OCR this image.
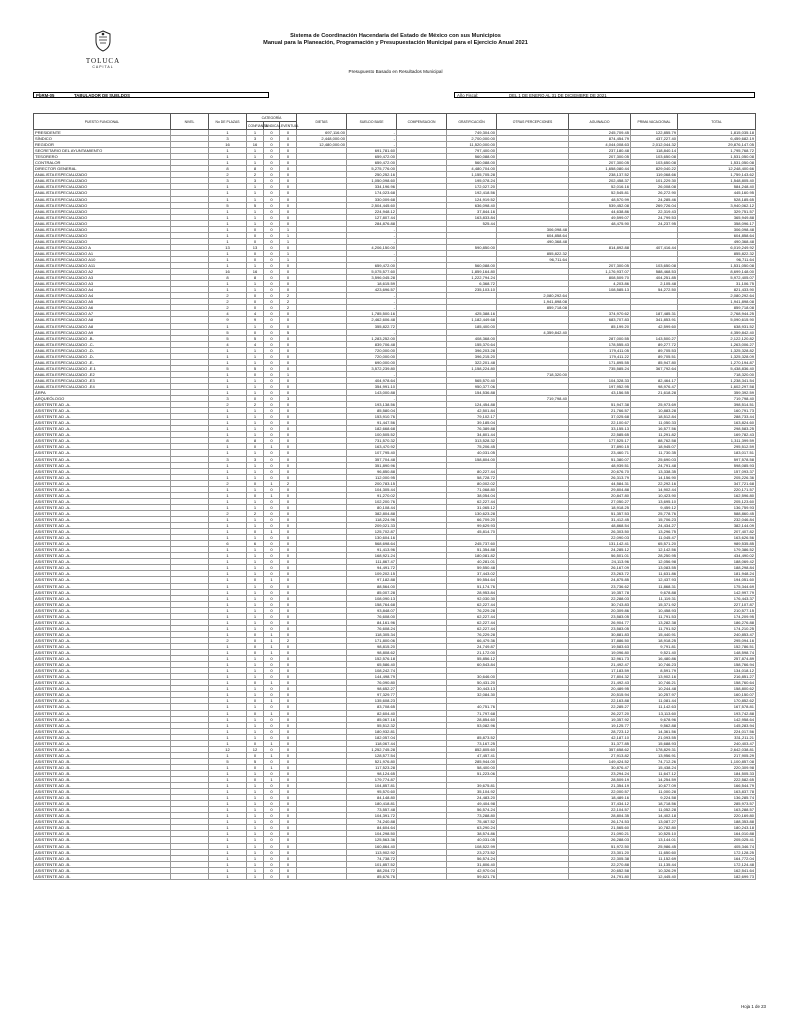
TOLUCA
CAPITAL
Sistema de Coordinación Hacendaria del Estado de México con sus Municipios
Manual para la Planeación, Programación y Presupuestación Municipal para el Ejercicio Anual 2021
Presupuesto Basado en Resultados Municipal
PbRM-05	TABULADOR DE SUELDOS	Año Fiscal:	DEL 1 DE ENERO AL 31 DE DICIEMBRE DE 2021
PUESTO FUNCIONAL	NIVEL	No DE PLAZAS	CATEGORÍA			DIETAS	SUELDO BASE	COMPENSACION	GRATIFICACIÓN	OTRAS PERCEPCIONES	AGUINALDO	PRIMA VACACIONAL	TOTAL
			CONFIANZA	SINDICAL	EVENTUAL								
PRESIDENTE		1	1	0	0	697,116.00	-		749,304.00		245,709.45	122,855.79	1,815,035.18
SÍNDICO		3	3	0	0	2,448,000.00	-		2,700,000.00		874,454.79	437,227.40	6,459,682.19
REGIDOR		16	16	0	0	12,480,000.00	-		11,520,000.00		4,044,008.63	2,012,044.32	29,876,147.05
SECRETARIO DEL AYUNTAMIENTO		1	1	0	0		691,781.60		797,400.00		237,180.48	118,840.14	1,795,768.72
TESORERO		1	1	0	0		659,472.00		560,088.00		207,300.05	103,650.08	1,531,050.08
CONTRALOR		1	1	0	0		659,472.00		560,088.00		207,300.05	103,650.08	1,531,050.08
DIRECTOR GENERAL		8	8	0	0		5,275,776.00		4,480,704.00		1,658,080.44	829,040.22	12,248,400.66
ANALISTA ESPECIALIZADO		2	2	0	0		250,252.16		1,155,705.28		238,137.52	119,068.66	1,759,143.62
ANALISTA ESPECIALIZADO		3	3	0	0		1,050,098.60		195,078.24		202,458.37	101,229.30	1,548,805.40
ANALISTA ESPECIALIZADO		1	1	0	0		334,196.96		172,027.20		52,016.16	26,008.08	584,248.40
ANALISTA ESPECIALIZADO		1	1	0	0		174,023.68		192,418.56		52,545.81	26,272.90	445,160.95
ANALISTA ESPECIALIZADO		1	1	0	0		330,009.68		124,919.52		48,570.99	24,285.46	528,185.65
ANALISTA ESPECIALIZADO		5	5	0	0		2,504,445.60		636,098.40		539,452.08	269,726.04	3,940,062.12
ANALISTA ESPECIALIZADO		1	1	0	0		224,948.12		37,844.16		44,638.86	22,319.43	329,751.57
ANALISTA ESPECIALIZADO		1	1	0	0		127,807.44		163,833.84		49,599.07	24,799.53	365,949.88
ANALISTA ESPECIALIZADO		1	1	0	0		284,876.88		525.44		48,475.90	24,237.95	358,096.17
ANALISTA ESPECIALIZADO		1	0	0	1		-			306,098.48			306,098.48
ANALISTA ESPECIALIZADO		1	0	0	1		-			604,858.64			604,858.64
ANALISTA ESPECIALIZADO		1	0	0	1		-			490,368.48			490,368.48
ANALISTA ESPECIALIZADO A		13	13	0	0		4,206,150.00		590,850.00		814,892.88	407,416.44	6,019,249.92
ANALISTA ESPECIALIZADO A1		1	0	0	1		-			855,822.32			855,822.32
ANALISTA ESPECIALIZADO A10		1	0	0	1		-			96,711.64			96,711.64
ANALISTA ESPECIALIZADO A11		1	1	0	0		659,472.00		560,088.00		207,300.05	103,650.08	1,531,050.08
ANALISTA ESPECIALIZADO A2		16	16	0	0		5,075,577.60		1,859,164.80		1,176,937.07	588,468.53	8,699,148.00
ANALISTA ESPECIALIZADO A3		8	8	0	0		3,596,045.28		1,222,794.24		808,509.70	404,251.85	5,972,405.07
ANALISTA ESPECIALIZADO A3		1	1	0	0		18,615.59		6,368.72		4,203.86	2,105.48	31,106.75
ANALISTA ESPECIALIZADO A4		1	1	0	0		423,696.57		235,103.10		108,585.13	54,272.50	821,433.90
ANALISTA ESPECIALIZADO A4		2	0	0	2		-			2,080,292.64			2,080,292.64
ANALISTA ESPECIALIZADO A5		2	0	0	2		-			1,941,898.08			1,941,898.08
ANALISTA ESPECIALIZADO A6		2	0	0	2		-			859,718.08			859,718.08
ANALISTA ESPECIALIZADO A7		4	4	0	0		1,785,500.16		425,388.16		374,970.62	187,485.31	2,768,944.25
ANALISTA ESPECIALIZADO A8		9	9	0	0		2,462,606.48		1,182,449.68		683,707.83	341,853.91	5,090,615.90
ANALISTA ESPECIALIZADO A8		1	1	0	0		355,822.72		185,400.00		85,199.20	42,599.60	638,931.52
ANALISTA ESPECIALIZADO A9		5	0	0	5		-			4,359,842.40			4,359,842.40
ANALISTA ESPECIALIZADO -B-		5	5	0	0		1,283,252.00		408,368.00		287,000.55	143,500.27	2,122,120.82
ANALISTA ESPECIALIZADO -C-		4	4	0	0		839,706.48		155,370.64		178,555.43	89,277.72	1,263,006.27
ANALISTA ESPECIALIZADO -D-		1	1	0	0		720,000.00		396,203.28		179,411.05	89,705.53	1,325,328.82
ANALISTA ESPECIALIZADO -D-		1	1	0	0		720,000.00		396,215.20		179,411.22	89,705.51	1,325,328.09
ANALISTA ESPECIALIZADO -E-		1	1	0	0		690,000.00		322,201.48		171,895.55	85,947.80	1,270,194.87
ANALISTA ESPECIALIZADO -E.1		5	5	0	0		3,572,239.80		1,158,224.80		735,585.24	367,792.64	5,438,836.40
ANALISTA ESPECIALIZADO -E2		1	0	0	1		-			718,320.00			718,320.00
ANALISTA ESPECIALIZADO -E3		1	1	0	0		404,978.64		565,570.40		104,328.33	82,464.17	1,238,341.54
ANALISTA ESPECIALIZADO -E4		1	1	0	0		354,991.10		950,377.06		197,952.95	98,976.47	1,602,297.58
ÁRPA		1	1	0	0		143,000.88		154,536.88		43,156.55	21,618.28	359,392.59
ARQUEÓLOGO		3	0	0	3		-			719,798.40			719,798.40
ASISTENTE AD -A-		2	2	0	0		193,138.56		124,454.88		51,947.38	25,973.69	398,514.51
ASISTENTE AD -A-		1	1	0	0		85,580.04		42,501.84		21,766.57	10,883.28	160,791.73
ASISTENTE AD -A-		1	1	0	0		153,910.76		79,102.17		37,025.68	18,512.84	288,733.44
ASISTENTE AD -A-		1	1	0	0		91,447.56		39,185.04		22,100.67	11,050.33	163,824.60
ASISTENTE AD -A-		1	1	0	0		182,668.68		76,389.88		33,155.13	16,577.56	298,583.25
ASISTENTE AD -A-		1	1	0	0		100,505.52		34,801.44		22,585.65	11,291.82	169,782.43
ASISTENTE AD -A-		8	8	0	0		731,570.32		313,528.32		177,525.17	88,762.58	1,311,399.59
ASISTENTE AD -A-		1	0	1	0		163,470.92		75,206.45		37,890.15	18,945.07	295,512.59
ASISTENTE AD -A-		1	1	0	0		107,795.40		40,031.05		23,460.71	11,730.35	183,017.51
ASISTENTE AD -A-		3	3	0	0		357,704.48		158,804.00		51,380.07	25,690.03	597,578.58
ASISTENTE AD -A-		1	1	0	0		351,890.96				48,939.51	24,791.48	598,085.93
ASISTENTE AD -A-		1	1	0	0		96,850.88		80,227.44		20,676.70	13,338.35	157,093.37
ASISTENTE AD -A-		1	1	0	0		112,000.95		58,728.72		26,313.79	14,156.90	205,226.36
ASISTENTE AD -A-		2	0	1	2		200,783.15		80,002.02		44,584.31	22,292.16	347,721.68
ASISTENTE AD -A-		1	1	0	0		104,305.44		71,068.80		29,804.88	14,902.44	220,171.57
ASISTENTE AD -A-		1	0	1	0		91,270.02		38,054.04		20,847.80	10,423.90	162,596.80
ASISTENTE AD -A-		1	1	0	0		102,200.76		62,227.44		27,050.27	13,695.10	205,123.60
ASISTENTE AD -A-		1	1	0	0		80,108.44		31,065.12		18,918.25	9,459.12	136,759.93
ASISTENTE AD -A-		2	2	0	0		382,804.88		130,623.28		51,357.53	25,778.76	588,860.45
ASISTENTE AD -A-		1	1	0	0		118,224.96		66,709.20		31,412.45	15,706.23	232,046.84
ASISTENTE AD -A-		1	1	0	0		209,021.33		99,629.93		48,868.54	24,434.27	382,144.09
ASISTENTE AD -A-		1	0	1	0		125,702.87		45,814.70		26,303.50	13,296.75	207,407.82
ASISTENTE AD -A-		1	1	0	0		130,604.16				22,090.03	11,045.47	163,626.56
ASISTENTE AD -A-		6	6	0	0		568,698.64		245,737.60		131,142.41	65,571.20	989,535.85
ASISTENTE AD -A-		1	1	0	0		91,413.96		51,354.88		24,285.12	12,142.56	179,386.52
ASISTENTE AD -A-		1	1	0	0		168,921.24		180,081.82		56,501.01	28,250.95	434,490.02
ASISTENTE AD -A-		1	1	0	0		111,867.47		40,281.01		24,113.96	12,056.98	188,069.42
ASISTENTE AD -A-		1	1	0	0		94,491.72		59,550.48		26,167.09	13,083.55	188,298.84
ASISTENTE AD -A-		1	1	0	0		109,202.15		37,443.02		23,263.72	11,631.86	181,948.24
ASISTENTE AD -A-		1	0	1	0		97,182.88		59,554.64		24,875.85	12,437.93	194,051.60
ASISTENTE AD -A-		1	1	0	0		88,564.00		51,174.76		23,736.62	11,868.31	175,344.69
ASISTENTE AD -A-		1	1	0	0		85,007.28		28,953.84		19,357.78	9,678.88	142,997.79
ASISTENTE AD -A-		1	1	0	0		108,090.13		92,030.30		22,288.03	11,119.31	176,443.37
ASISTENTE AD -A-		1	1	0	0		158,764.68		62,227.44		30,743.83	15,371.92	227,107.87
ASISTENTE AD -A-		1	1	0	0		93,848.07		76,229.28		20,309.86	10,458.93	210,577.15
ASISTENTE AD -A-		1	1	0	0		76,608.00		62,227.44		23,583.05	11,791.53	174,209.95
ASISTENTE AD -A-		1	1	0	0		84,161.96		62,227.44		26,904.77	13,282.38	186,276.88
ASISTENTE AD -A-		1	1	0	0		76,608.24		62,227.44		23,583.05	11,791.52	174,210.25
ASISTENTE AD -A-		1	0	1	0		118,305.34		76,229.28		30,881.83	15,440.91	240,853.47
ASISTENTE AD -A-		2	0	1	2		171,800.06		66,479.36		37,886.50	18,918.25	295,094.16
ASISTENTE AD -A-		1	0	1	0		98,815.20		24,749.87		19,583.63	9,791.81	152,786.51
ASISTENTE AD -A-		1	0	1	0		98,808.62		21,172.00		19,096.80	9,521.40	148,598.74
ASISTENTE AD -A-		1	1	0	0		152,576.18		55,856.12		32,961.73	16,480.86	257,874.89
ASISTENTE AD -A-		1	1	0	0		65,586.40		60,543.84		21,492.47	10,746.23	158,766.94
ASISTENTE AD -A-		1	1	0	0		108,242.74				17,183.59	8,591.79	134,018.12
ASISTENTE AD -A-		1	1	0	0		144,498.79		30,646.00		27,804.32	13,902.16	216,851.27
ASISTENTE AD -A-		1	0	1	0		76,090.80		50,431.20		21,492.43	10,746.21	158,760.64
ASISTENTE AD -A-		1	1	0	0		98,652.27		30,443.13		20,489.95	10,244.48	158,800.62
ASISTENTE AD -A-		1	1	0	0		97,329.77		32,084.30		20,515.94	10,257.97	160,150.07
ASISTENTE AD -A-		1	0	1	0		135,608.23				22,163.88	11,081.44	170,852.62
ASISTENTE AD -A-		1	1	0	0		83,708.65		40,751.76		22,285.27	11,142.63	167,578.81
ASISTENTE AD -A-		1	0	1	0		82,604.40		71,797.68		26,227.20	13,113.60	193,742.88
ASISTENTE AD -A-		1	1	0	0		85,067.16		28,854.60		19,357.92	9,678.96	142,958.64
ASISTENTE AD -A-		1	1	0	0		55,512.32		53,082.96		19,125.77	9,562.88	145,283.94
ASISTENTE AD -A-		1	1	0	0		180,932.81				28,723.12	14,361.56	224,017.56
ASISTENTE AD -A-		1	1	0	0		182,057.04		85,873.52		42,187.10	21,093.55	331,211.21
ASISTENTE AD -A-		1	0	1	0		118,067.44		73,167.25		31,377.85	15,688.93	240,403.47
ASISTENTE AD -A-		12	12	0	0		1,252,745.28		852,805.60		357,658.62	178,829.31	2,642,038.81
ASISTENTE AD -A-		1	0	1	0		128,577.54		47,457.41		27,913.82	13,956.91	217,905.29
ASISTENTE AD -B-		5	5	0	0		521,976.80		285,944.00		149,424.52	74,712.26	1,100,857.08
ASISTENTE AD -B-		1	0	1	0		117,523.28		58,400.00		30,876.47	15,438.24	220,309.98
ASISTENTE AD -B-		1	1	0	0		98,124.65		51,223.06		23,294.24	11,647.12	184,505.33
ASISTENTE AD -B-		1	0	1	0		179,774.87				28,509.19	14,254.59	222,582.65
ASISTENTE AD -B-		1	1	0	0		104,857.81		39,675.81		21,354.19	10,677.09	166,544.79
ASISTENTE AD -B-		1	1	0	0		95,570.60		35,104.92		22,000.57	11,000.28	163,837.78
ASISTENTE AD -B-		1	1	0	0		84,148.80		24,483.20		18,489.16	9,224.58	136,285.74
ASISTENTE AD -B-		1	1	0	0		180,418.81		49,404.98		37,434.12	18,718.56	285,973.57
ASISTENTE AD -B-		1	1	0	0		73,557.48		56,574.24		22,104.57	11,052.28	163,288.57
ASISTENTE AD -B-		1	1	0	0		104,391.72		73,288.80		28,804.35	14,402.18	220,169.80
ASISTENTE AD -B-		1	1	0	0		74,240.88		75,467.52		26,174.53	13,087.27	188,353.88
ASISTENTE AD -B-		1	1	0	0		84,604.64		63,290.24		21,565.60	10,782.80	180,243.18
ASISTENTE AD -B-		1	1	0	0		104,298.50		38,574.86		21,090.21	10,525.10	164,010.88
ASISTENTE AD -B-		1	1	0	0		125,563.36		40,031.05		26,288.03	13,144.01	205,025.41
ASISTENTE AD -B-		1	1	0	0		160,864.40		108,522.99		51,972.50	25,986.45	405,346.74
ASISTENTE AD -B-		1	1	0	0		113,902.92		23,273.52		23,301.20	11,650.60	172,128.25
ASISTENTE AD -B-		1	1	0	0		74,738.72		56,574.24		22,305.38	11,152.69	164,772.04
ASISTENTE AD -B-		1	1	0	0		101,857.52		31,806.40		22,270.88	11,135.44	172,124.48
ASISTENTE AD -B-		1	1	0	0		88,204.72		42,970.04		20,652.58	10,326.29	162,541.64
ASISTENTE AD -B-		1	1	0	0		85,676.76		59,621.76		24,791.80	12,445.40	182,699.73
Hoja 1 de 23
